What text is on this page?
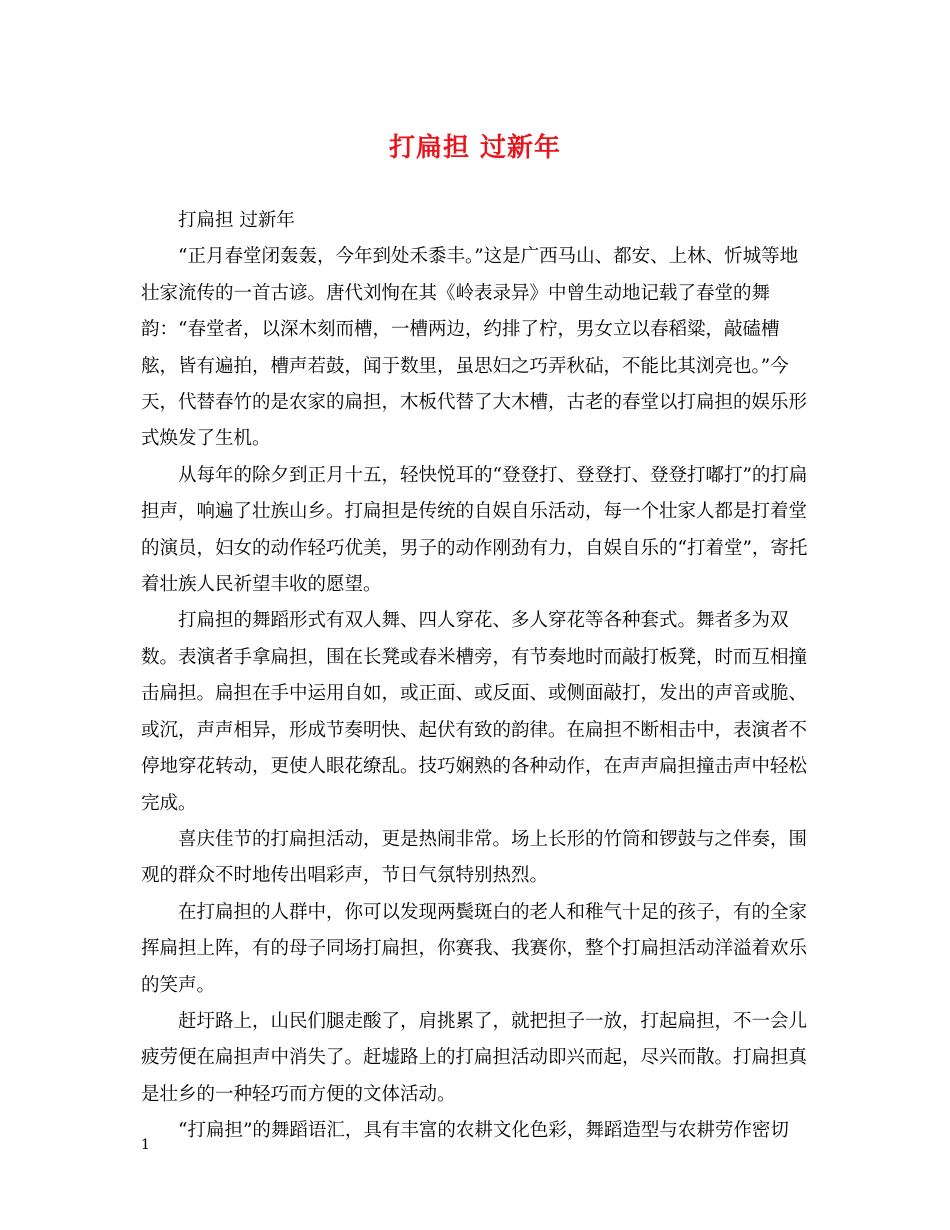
打扁担 过新年

打扁担 过新年

“正月春堂闭轰轰，今年到处禾黍丰。”这是广西马山、都安、上林、忻城等地壮家流传的一首古谚。唐代刘恂在其《岭表录异》中曾生动地记载了春堂的舞韵：“春堂者，以深木刻而槽，一槽两边，约排了柠，男女立以春稻粱，敲磕槽舷，皆有遍拍，槽声若鼓，闻于数里，虽思妇之巧弄秋砧，不能比其浏亮也。”今天，代替春竹的是农家的扁担，木板代替了大木槽，古老的春堂以打扁担的娱乐形式焕发了生机。

从每年的除夕到正月十五，轻快悦耳的“登登打、登登打、登登打嘟打”的打扁担声，响遍了壮族山乡。打扁担是传统的自娱自乐活动，每一个壮家人都是打着堂的演员，妇女的动作轻巧优美，男子的动作刚劲有力，自娱自乐的“打着堂”，寄托着壮族人民祈望丰收的愿望。

打扁担的舞蹈形式有双人舞、四人穿花、多人穿花等各种套式。舞者多为双数。表演者手拿扁担，围在长凳或春米槽旁，有节奏地时而敲打板凳，时而互相撞击扁担。扁担在手中运用自如，或正面、或反面、或侧面敲打，发出的声音或脆、或沉，声声相异，形成节奏明快、起伏有致的韵律。在扁担不断相击中，表演者不停地穿花转动，更使人眼花缭乱。技巧娴熟的各种动作，在声声扁担撞击声中轻松完成。

喜庆佳节的打扁担活动，更是热闹非常。场上长形的竹筒和锣鼓与之伴奏，围观的群众不时地传出唱彩声，节日气氛特别热烈。

在打扁担的人群中，你可以发现两鬓斑白的老人和稚气十足的孩子，有的全家挥扁担上阵，有的母子同场打扁担，你赛我、我赛你，整个打扁担活动洋溢着欢乐的笑声。

赶圩路上，山民们腿走酸了，肩挑累了，就把担子一放，打起扁担，不一会儿疲劳便在扁担声中消失了。赶墟路上的打扁担活动即兴而起，尽兴而散。打扁担真是壮乡的一种轻巧而方便的文体活动。

“打扁担”的舞蹈语汇，具有丰富的农耕文化色彩，舞蹈造型与农耕劳作密切

1
